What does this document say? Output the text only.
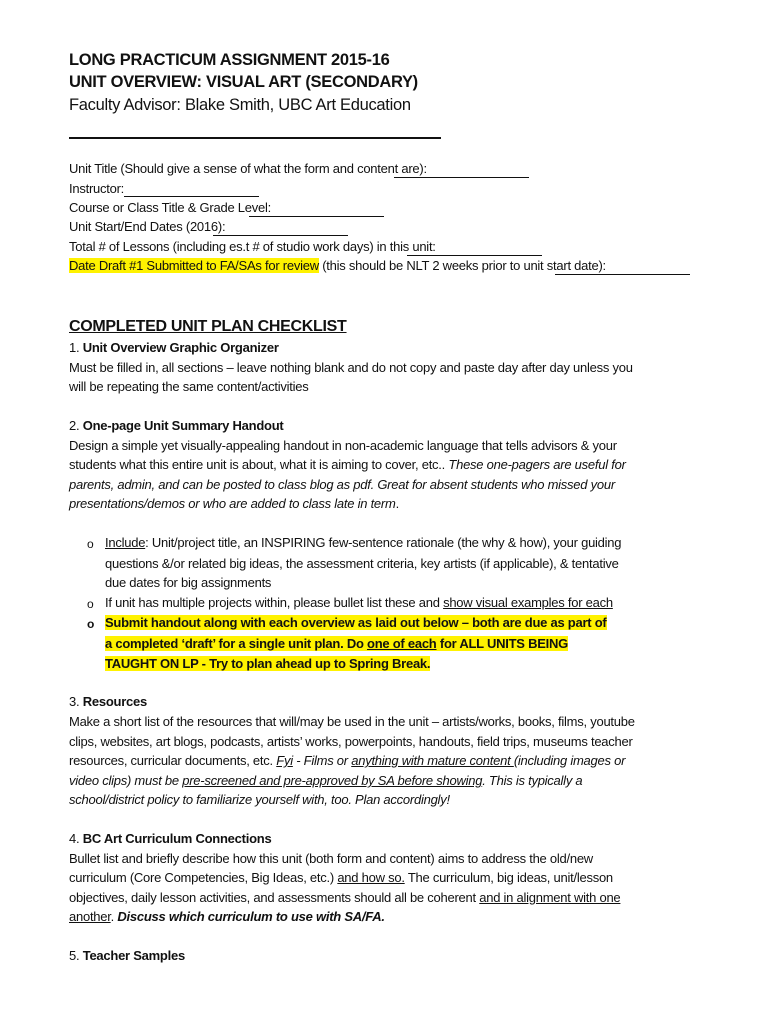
LONG PRACTICUM ASSIGNMENT 2015-16
UNIT OVERVIEW: VISUAL ART (SECONDARY)
Faculty Advisor: Blake Smith, UBC Art Education
Unit Title (Should give a sense of what the form and content are):
Instructor:
Course or Class Title & Grade Level:
Unit Start/End Dates (2016):
Total # of Lessons (including es.t # of studio work days) in this unit:
Date Draft #1 Submitted to FA/SAs for review (this should be NLT 2 weeks prior to unit start date):
COMPLETED UNIT PLAN CHECKLIST
1. Unit Overview Graphic Organizer
Must be filled in, all sections – leave nothing blank and do not copy and paste day after day unless you
will be repeating the same content/activities
2. One-page Unit Summary Handout
Design a simple yet visually-appealing handout in non-academic language that tells advisors & your
students what this entire unit is about, what it is aiming to cover, etc.. These one-pagers are useful for
parents, admin, and can be posted to class blog as pdf. Great for absent students who missed your
presentations/demos or who are added to class late in term.
o Include: Unit/project title, an INSPIRING few-sentence rationale (the why & how), your guiding
questions &/or related big ideas, the assessment criteria, key artists (if applicable), & tentative
due dates for big assignments
o If unit has multiple projects within, please bullet list these and show visual examples for each
o Submit handout along with each overview as laid out below – both are due as part of
a completed ‘draft’ for a single unit plan. Do one of each for ALL UNITS BEING
TAUGHT ON LP - Try to plan ahead up to Spring Break.
3. Resources
Make a short list of the resources that will/may be used in the unit – artists/works, books, films, youtube
clips, websites, art blogs, podcasts, artists’ works, powerpoints, handouts, field trips, museums teacher
resources, curricular documents, etc. Fyi - Films or anything with mature content (including images or
video clips) must be pre-screened and pre-approved by SA before showing. This is typically a
school/district policy to familiarize yourself with, too. Plan accordingly!
4. BC Art Curriculum Connections
Bullet list and briefly describe how this unit (both form and content) aims to address the old/new
curriculum (Core Competencies, Big Ideas, etc.) and how so. The curriculum, big ideas, unit/lesson
objectives, daily lesson activities, and assessments should all be coherent and in alignment with one
another. Discuss which curriculum to use with SA/FA.
5. Teacher Samples
